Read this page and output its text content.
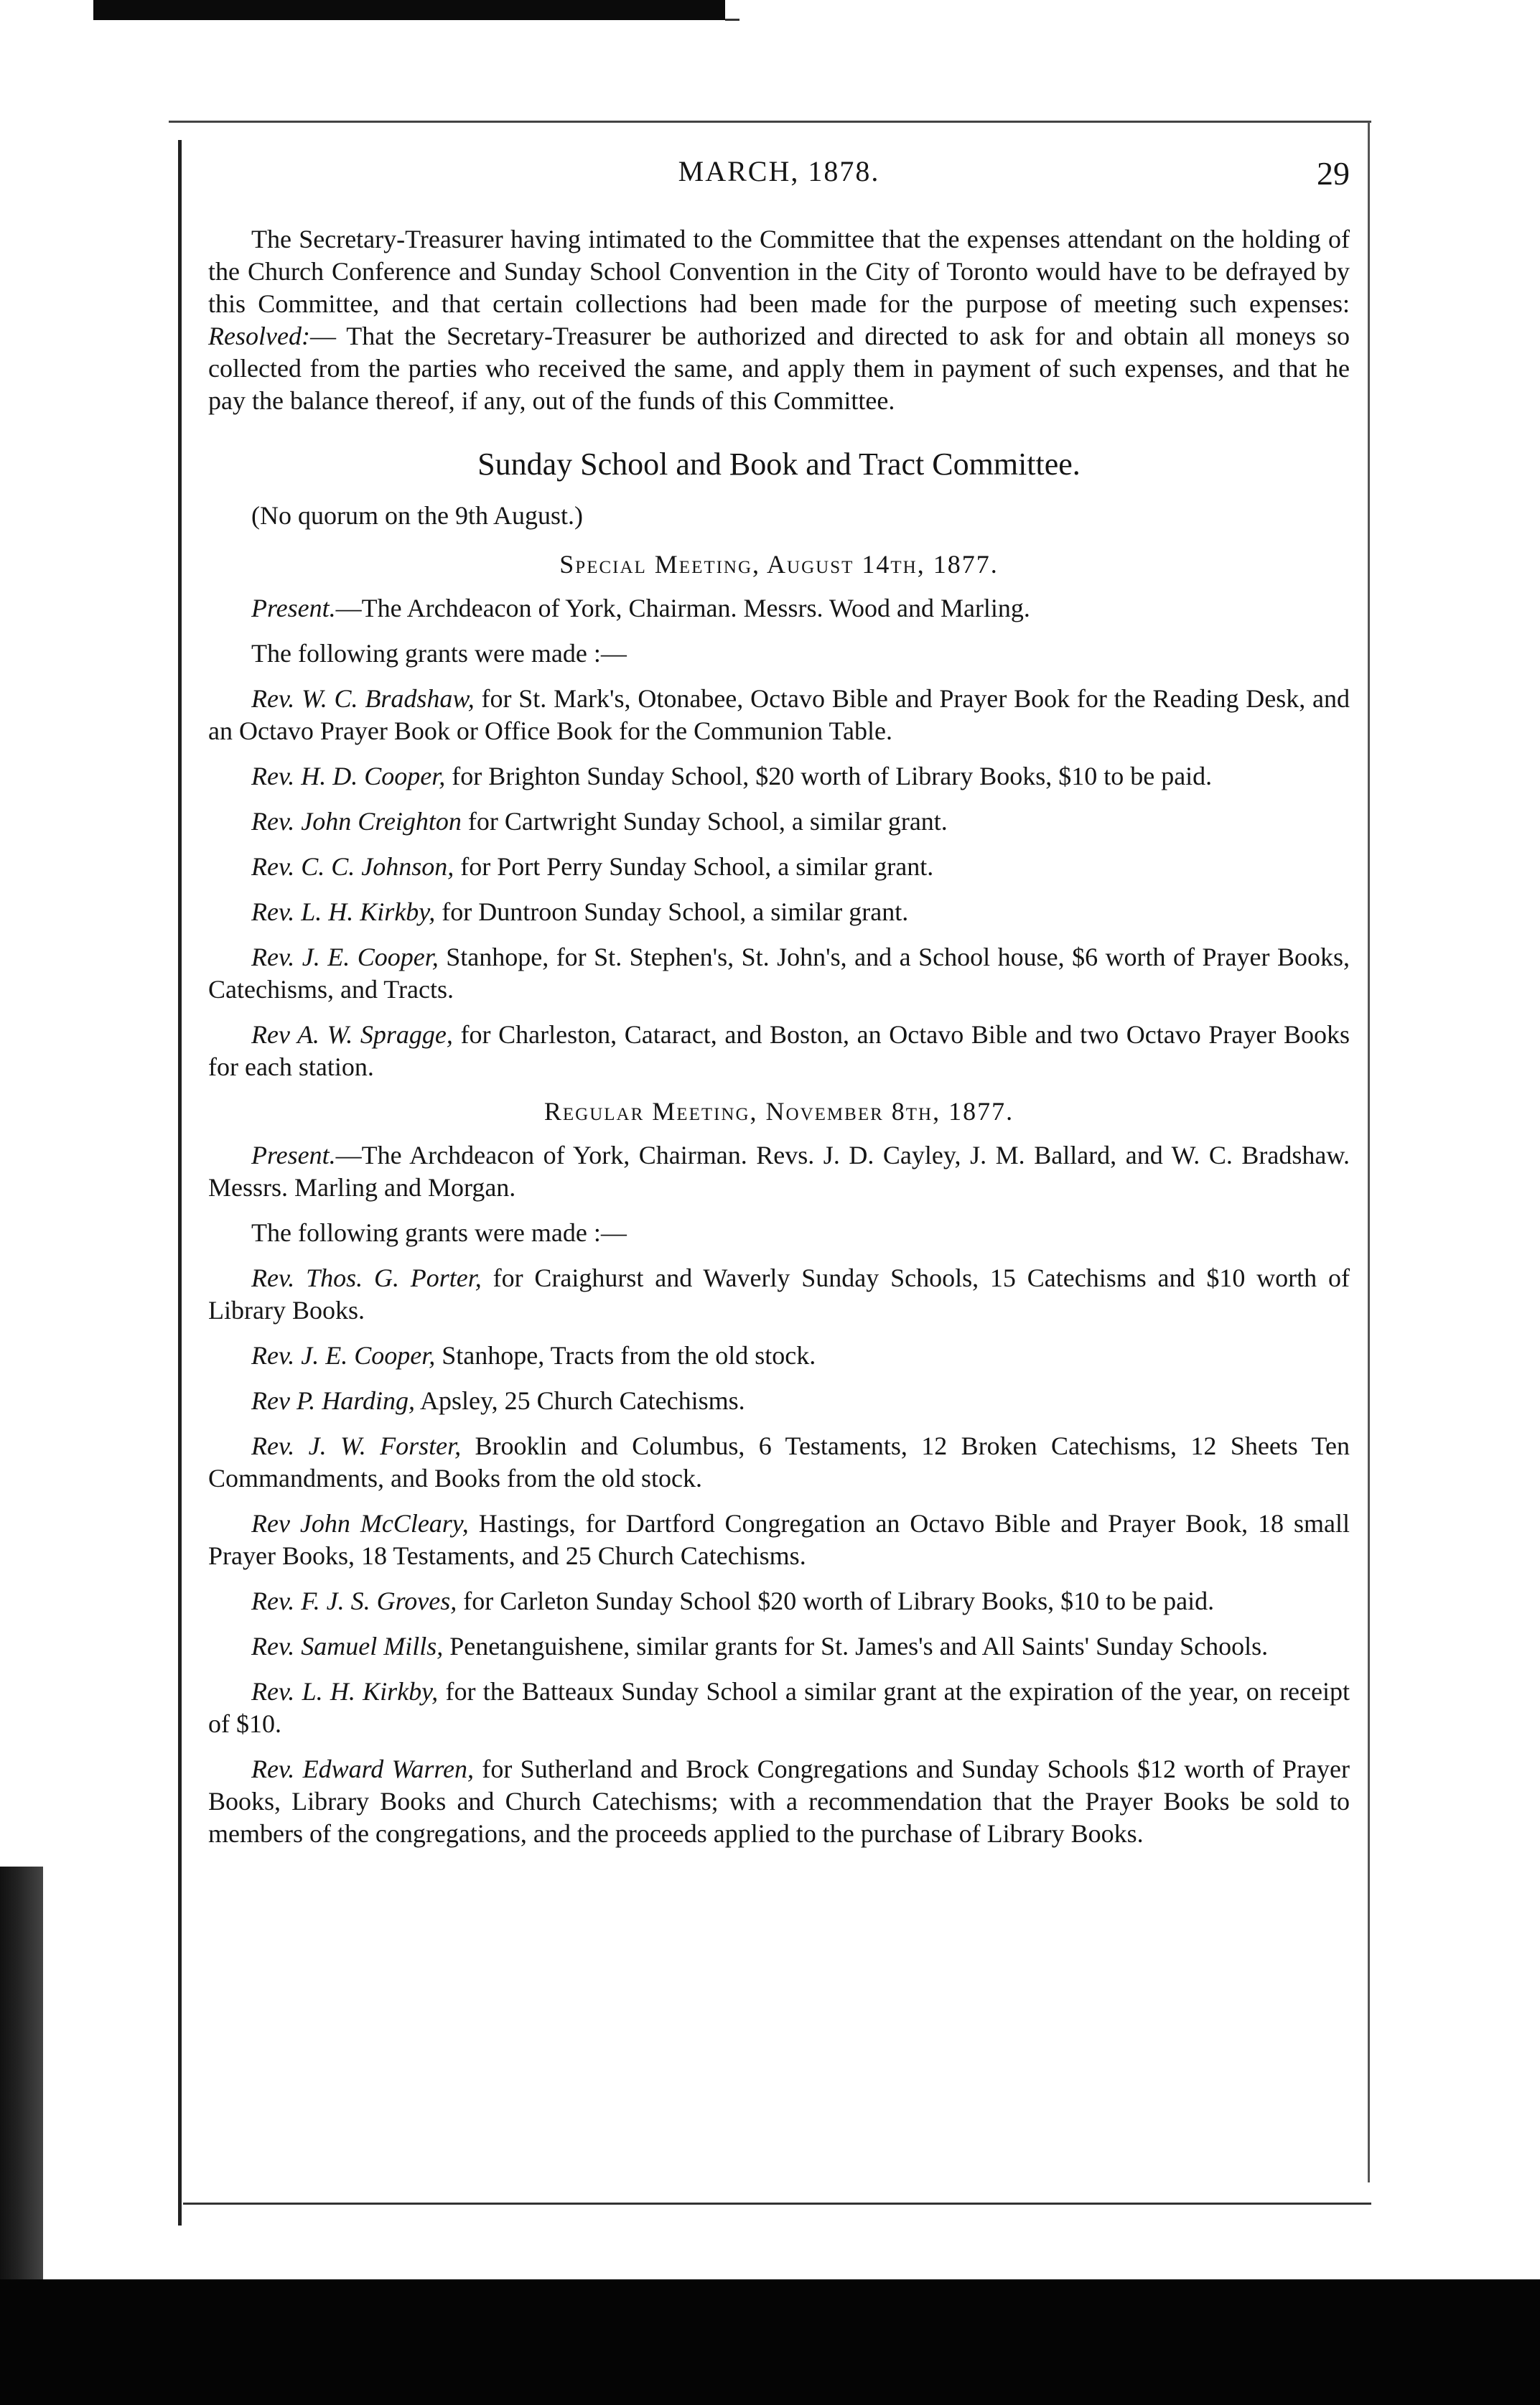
MARCH, 1878.	29

The Secretary-Treasurer having intimated to the Committee that the expenses attendant on the holding of the Church Conference and Sunday School Convention in the City of Toronto would have to be defrayed by this Committee, and that certain collections had been made for the purpose of meeting such expenses: Resolved:— That the Secretary-Treasurer be authorized and directed to ask for and obtain all moneys so collected from the parties who received the same, and apply them in payment of such expenses, and that he pay the balance thereof, if any, out of the funds of this Committee.

Sunday School and Book and Tract Committee.
(No quorum on the 9th August.)
Special Meeting, August 14th, 1877.

Present.—The Archdeacon of York, Chairman. Messrs. Wood and Marling.

The following grants were made :—

Rev. W. C. Bradshaw, for St. Mark's, Otonabee, Octavo Bible and Prayer Book for the Reading Desk, and an Octavo Prayer Book or Office Book for the Communion Table.

Rev. H. D. Cooper, for Brighton Sunday School, $20 worth of Library Books, $10 to be paid.

Rev. John Creighton for Cartwright Sunday School, a similar grant.

Rev. C. C. Johnson, for Port Perry Sunday School, a similar grant.

Rev. L. H. Kirkby, for Duntroon Sunday School, a similar grant.

Rev. J. E. Cooper, Stanhope, for St. Stephen's, St. John's, and a School house, $6 worth of Prayer Books, Catechisms, and Tracts.

Rev A. W. Spragge, for Charleston, Cataract, and Boston, an Octavo Bible and two Octavo Prayer Books for each station.

Regular Meeting, November 8th, 1877.

Present.—The Archdeacon of York, Chairman. Revs. J. D. Cayley, J. M. Ballard, and W. C. Bradshaw. Messrs. Marling and Morgan.

The following grants were made :—

Rev. Thos. G. Porter, for Craighurst and Waverly Sunday Schools, 15 Catechisms and $10 worth of Library Books.

Rev. J. E. Cooper, Stanhope, Tracts from the old stock.

Rev P. Harding, Apsley, 25 Church Catechisms.

Rev. J. W. Forster, Brooklin and Columbus, 6 Testaments, 12 Broken Catechisms, 12 Sheets Ten Commandments, and Books from the old stock.

Rev John McCleary, Hastings, for Dartford Congregation an Octavo Bible and Prayer Book, 18 small Prayer Books, 18 Testaments, and 25 Church Catechisms.

Rev. F. J. S. Groves, for Carleton Sunday School $20 worth of Library Books, $10 to be paid.

Rev. Samuel Mills, Penetanguishene, similar grants for St. James's and All Saints' Sunday Schools.

Rev. L. H. Kirkby, for the Batteaux Sunday School a similar grant at the expiration of the year, on receipt of $10.

Rev. Edward Warren, for Sutherland and Brock Congregations and Sunday Schools $12 worth of Prayer Books, Library Books and Church Catechisms; with a recommendation that the Prayer Books be sold to members of the congregations, and the proceeds applied to the purchase of Library Books.
